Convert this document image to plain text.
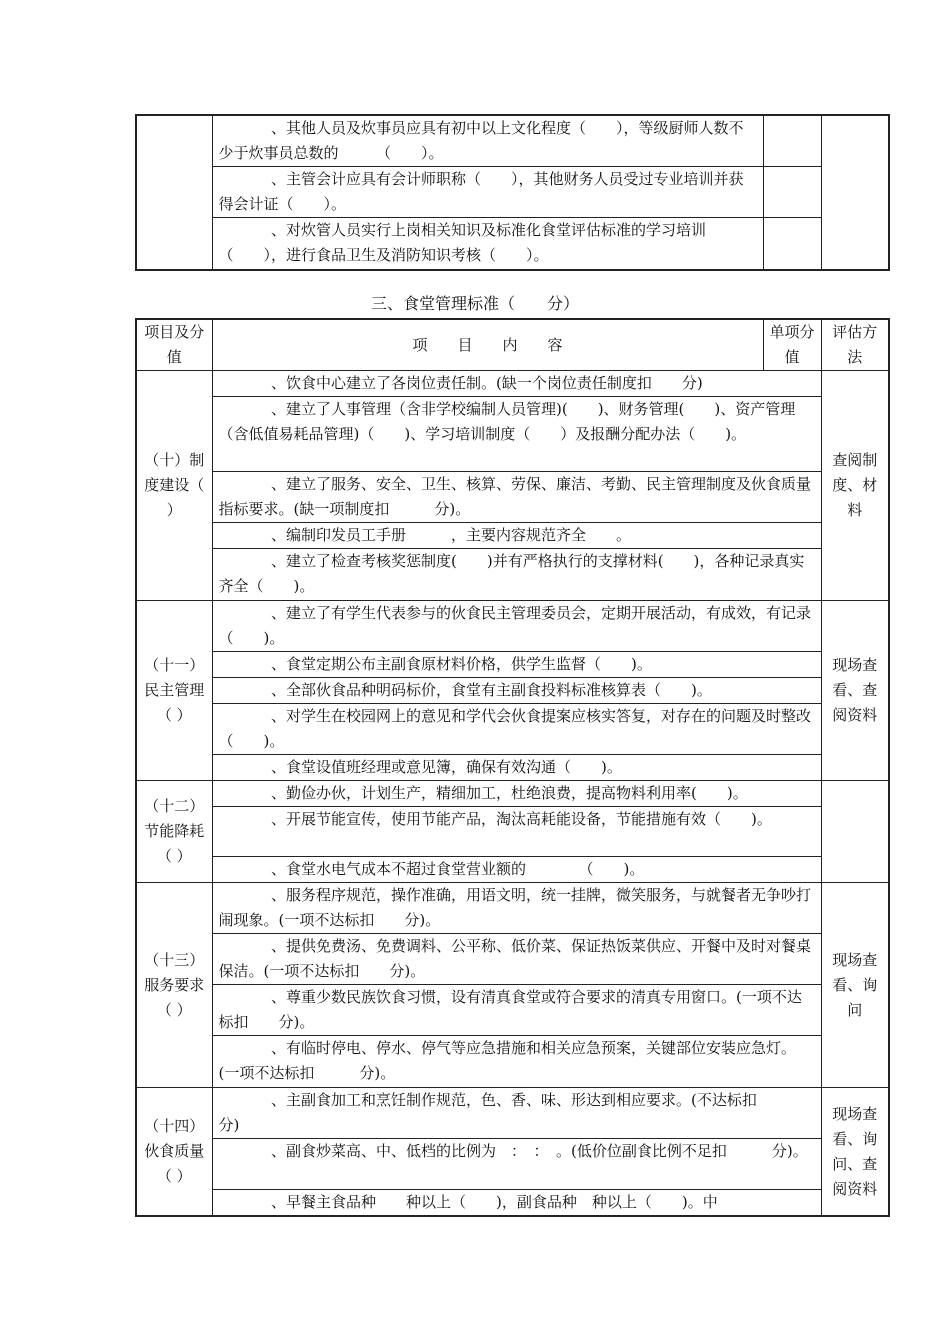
	、其他人员及炊事员应具有初中以上文化程度（　　），等级厨师人数不少于炊事员总数的　　　（　　）。		
	、主管会计应具有会计师职称（　　），其他财务人员受过专业培训并获得会计证（　　）。		
	、对炊管人员实行上岗相关知识及标准化食堂评估标准的学习培训（　　），进行食品卫生及消防知识考核（　　）。		
三、食堂管理标准（　　分）
项目及分值	项　　目　　内　　容	单项分值	评估方法
（十）制度建设（ ）	、饮食中心建立了各岗位责任制。(缺一个岗位责任制度扣　　分)		查阅制度、材料
	、建立了人事管理（含非学校编制人员管理)(　　)、财务管理(　　)、资产管理（含低值易耗品管理)（　　)、学习培训制度（　　）及报酬分配办法（　　)。		
	、建立了服务、安全、卫生、核算、劳保、廉洁、考勤、民主管理制度及伙食质量指标要求。(缺一项制度扣　　　分)。		
	、编制印发员工手册　　　，主要内容规范齐全　　。		
	、建立了检查考核奖惩制度(　　)并有严格执行的支撑材料(　　)，各种记录真实齐全（　　)。		
（十一）民主管理（ ）	、建立了有学生代表参与的伙食民主管理委员会，定期开展活动，有成效，有记录（　　)。		现场查看、查阅资料
	、食堂定期公布主副食原材料价格，供学生监督（　　)。		
	、全部伙食品种明码标价，食堂有主副食投料标准核算表（　　)。		
	、对学生在校园网上的意见和学代会伙食提案应核实答复，对存在的问题及时整改（　　)。		
	、食堂设值班经理或意见簿，确保有效沟通（　　)。		
（十二）节能降耗（ ）	、勤俭办伙，计划生产，精细加工，杜绝浪费，提高物料利用率(　　)。		
	、开展节能宣传，使用节能产品，淘汰高耗能设备，节能措施有效（　　)。		
	、食堂水电气成本不超过食堂营业额的　　　　（　　)。		
（十三）服务要求（ ）	、服务程序规范，操作准确，用语文明，统一挂牌，微笑服务，与就餐者无争吵打闹现象。(一项不达标扣　　分)。		现场查看、询问
	、提供免费汤、免费调料、公平称、低价菜、保证热饭菜供应、开餐中及时对餐桌保洁。(一项不达标扣　　分)。		
	、尊重少数民族饮食习惯，设有清真食堂或符合要求的清真专用窗口。(一项不达标扣　　分)。		
	、有临时停电、停水、停气等应急措施和相关应急预案，关键部位安装应急灯。(一项不达标扣　　　分)。		
（十四）伙食质量（ ）	、主副食加工和烹饪制作规范，色、香、味、形达到相应要求。(不达标扣　　　分)		现场查看、询问、查阅资料
	、副食炒菜高、中、低档的比例为　：　：　。(低价位副食比例不足扣　　　分)。		
	、早餐主食品种　　种以上（　　)，副食品种　种以上（　　)。中		
